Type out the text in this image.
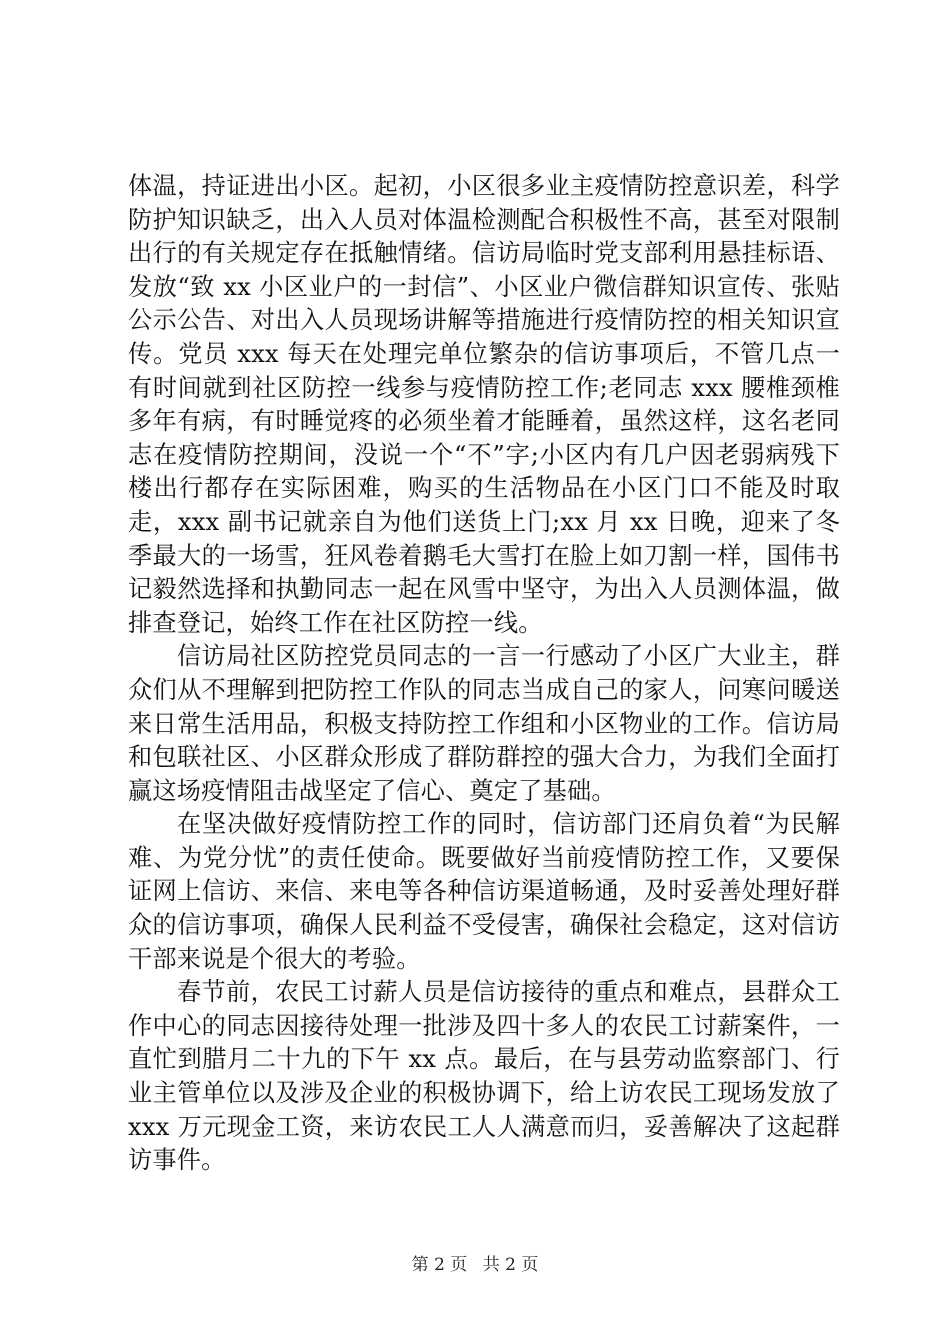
体温，持证进出小区。起初，小区很多业主疫情防控意识差，科学防护知识缺乏，出入人员对体温检测配合积极性不高，甚至对限制出行的有关规定存在抵触情绪。信访局临时党支部利用悬挂标语、发放“致 xx 小区业户的一封信”、小区业户微信群知识宣传、张贴公示公告、对出入人员现场讲解等措施进行疫情防控的相关知识宣传。党员 xxx 每天在处理完单位繁杂的信访事项后，不管几点一有时间就到社区防控一线参与疫情防控工作;老同志 xxx 腰椎颈椎多年有病，有时睡觉疼的必须坐着才能睡着，虽然这样，这名老同志在疫情防控期间，没说一个“不”字;小区内有几户因老弱病残下楼出行都存在实际困难，购买的生活物品在小区门口不能及时取走，xxx 副书记就亲自为他们送货上门;xx 月 xx 日晚，迎来了冬季最大的一场雪，狂风卷着鹅毛大雪打在脸上如刀割一样，国伟书记毅然选择和执勤同志一起在风雪中坚守，为出入人员测体温，做排查登记，始终工作在社区防控一线。

信访局社区防控党员同志的一言一行感动了小区广大业主，群众们从不理解到把防控工作队的同志当成自己的家人，问寒问暖送来日常生活用品，积极支持防控工作组和小区物业的工作。信访局和包联社区、小区群众形成了群防群控的强大合力，为我们全面打赢这场疫情阻击战坚定了信心、奠定了基础。

在坚决做好疫情防控工作的同时，信访部门还肩负着“为民解难、为党分忧”的责任使命。既要做好当前疫情防控工作，又要保证网上信访、来信、来电等各种信访渠道畅通，及时妥善处理好群众的信访事项，确保人民利益不受侵害，确保社会稳定，这对信访干部来说是个很大的考验。

春节前，农民工讨薪人员是信访接待的重点和难点，县群众工作中心的同志因接待处理一批涉及四十多人的农民工讨薪案件，一直忙到腊月二十九的下午 xx 点。最后，在与县劳动监察部门、行业主管单位以及涉及企业的积极协调下，给上访农民工现场发放了 xxx 万元现金工资，来访农民工人人满意而归，妥善解决了这起群访事件。

第 2 页 共 2 页
